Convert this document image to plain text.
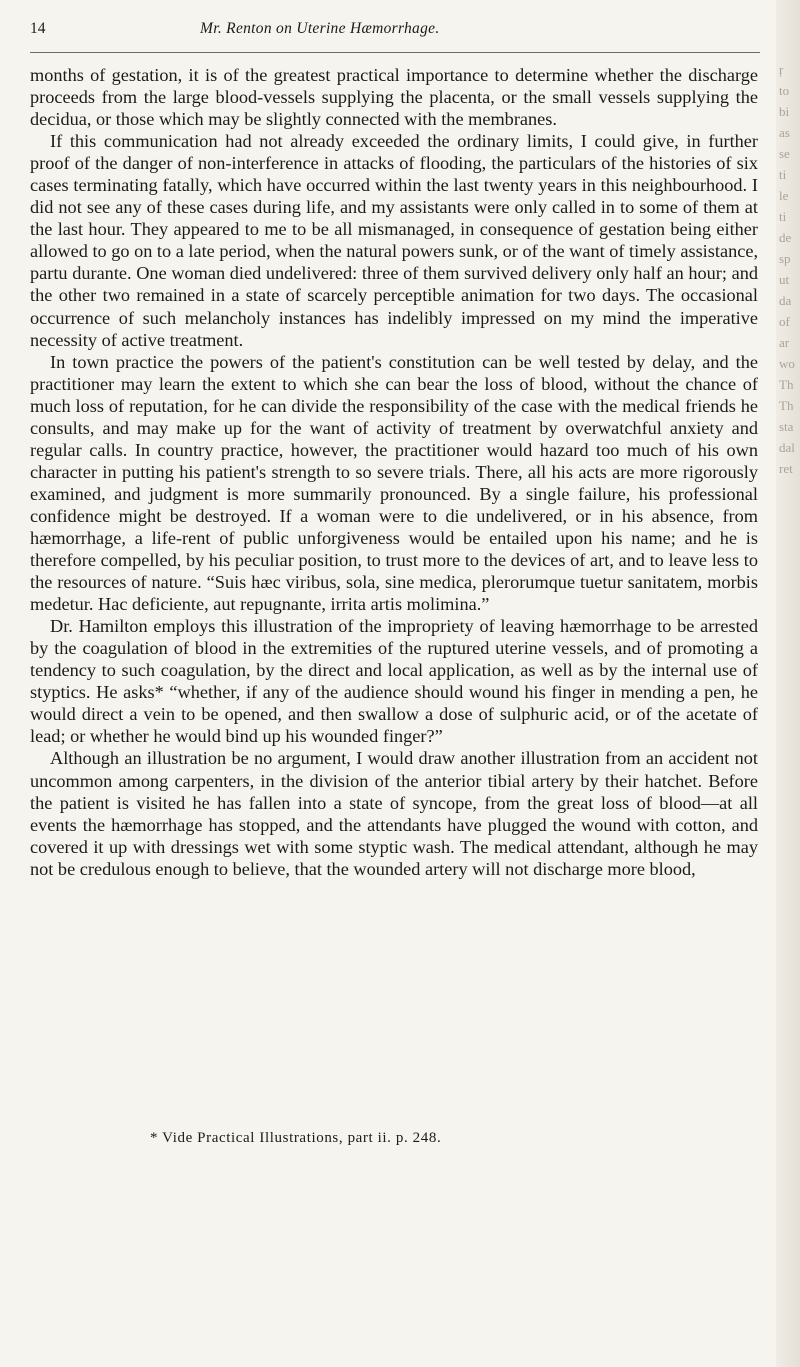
14	Mr. Renton on Uterine Hæmorrhage.

months of gestation, it is of the greatest practical importance to determine whether the discharge proceeds from the large blood-vessels supplying the placenta, or the small vessels supplying the decidua, or those which may be slightly connected with the membranes.

If this communication had not already exceeded the ordinary limits, I could give, in further proof of the danger of non-interference in attacks of flooding, the particulars of the histories of six cases terminating fatally, which have occurred within the last twenty years in this neighbourhood. I did not see any of these cases during life, and my assistants were only called in to some of them at the last hour. They appeared to me to be all mismanaged, in consequence of gestation being either allowed to go on to a late period, when the natural powers sunk, or of the want of timely assistance, partu durante. One woman died undelivered: three of them survived delivery only half an hour; and the other two remained in a state of scarcely perceptible animation for two days. The occasional occurrence of such melancholy instances has indelibly impressed on my mind the imperative necessity of active treatment.

In town practice the powers of the patient's constitution can be well tested by delay, and the practitioner may learn the extent to which she can bear the loss of blood, without the chance of much loss of reputation, for he can divide the responsibility of the case with the medical friends he consults, and may make up for the want of activity of treatment by overwatchful anxiety and regular calls. In country practice, however, the practitioner would hazard too much of his own character in putting his patient's strength to so severe trials. There, all his acts are more rigorously examined, and judgment is more summarily pronounced. By a single failure, his professional confidence might be destroyed. If a woman were to die undelivered, or in his absence, from hæmorrhage, a life-rent of public unforgiveness would be entailed upon his name; and he is therefore compelled, by his peculiar position, to trust more to the devices of art, and to leave less to the resources of nature. “Suis hæc viribus, sola, sine medica, plerorumque tuetur sanitatem, morbis medetur. Hac deficiente, aut repugnante, irrita artis molimina.”

Dr. Hamilton employs this illustration of the impropriety of leaving hæmorrhage to be arrested by the coagulation of blood in the extremities of the ruptured uterine vessels, and of promoting a tendency to such coagulation, by the direct and local application, as well as by the internal use of styptics. He asks* “whether, if any of the audience should wound his finger in mending a pen, he would direct a vein to be opened, and then swallow a dose of sulphuric acid, or of the acetate of lead; or whether he would bind up his wounded finger?”

Although an illustration be no argument, I would draw another illustration from an accident not uncommon among carpenters, in the division of the anterior tibial artery by their hatchet. Before the patient is visited he has fallen into a state of syncope, from the great loss of blood—at all events the hæmorrhage has stopped, and the attendants have plugged the wound with cotton, and covered it up with dressings wet with some styptic wash. The medical attendant, although he may not be credulous enough to believe, that the wounded artery will not discharge more blood,

* Vide Practical Illustrations, part ii. p. 248.
ŗ
to
bi
as
se
ti
le
ti
de
sp
ut
da
of
ar
wo
Th
Th
sta
dal
ret
